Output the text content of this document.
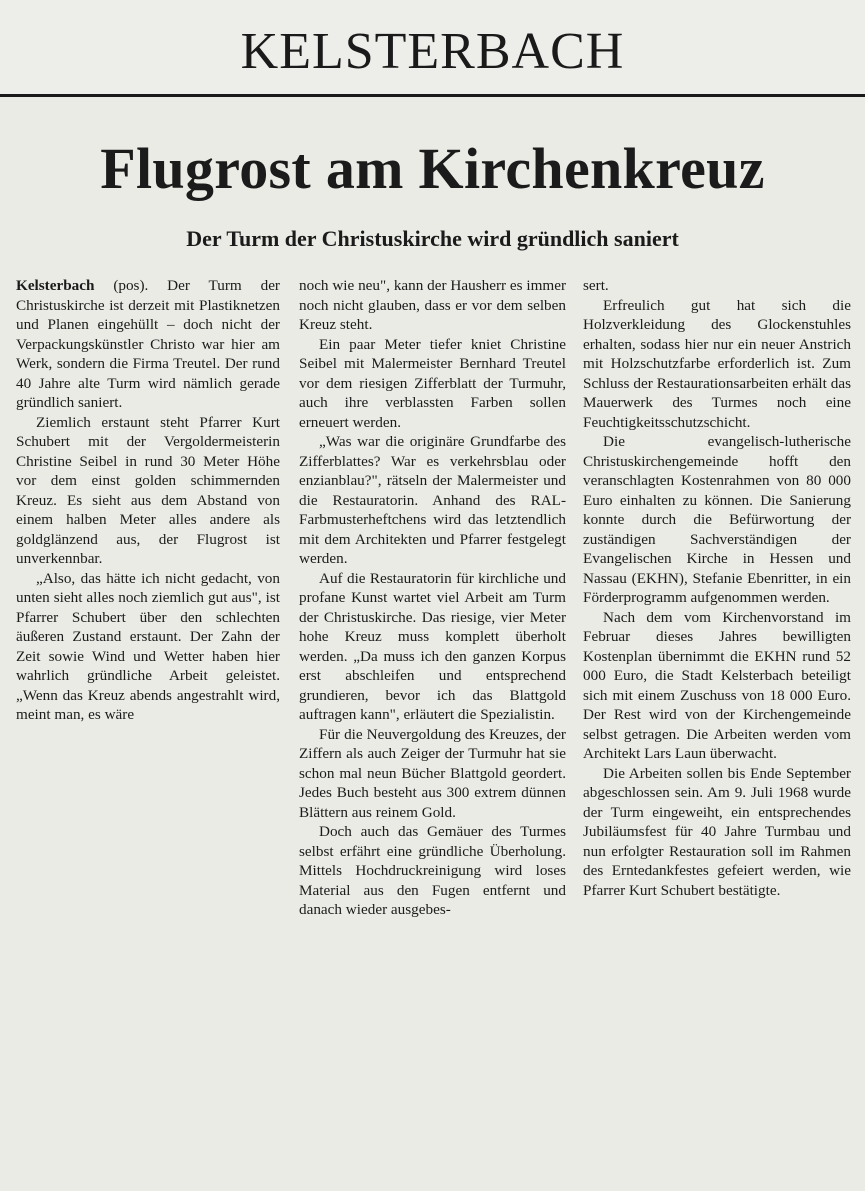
KELSTERBACH
Flugrost am Kirchenkreuz
Der Turm der Christuskirche wird gründlich saniert

Kelsterbach (pos). Der Turm der Christuskirche ist derzeit mit Plastiknetzen und Planen eingehüllt – doch nicht der Verpackungskünstler Christo war hier am Werk, sondern die Firma Treutel. Der rund 40 Jahre alte Turm wird nämlich gerade gründlich saniert.

Ziemlich erstaunt steht Pfarrer Kurt Schubert mit der Vergoldermeisterin Christine Seibel in rund 30 Meter Höhe vor dem einst golden schimmernden Kreuz. Es sieht aus dem Abstand von einem halben Meter alles andere als goldglänzend aus, der Flugrost ist unverkennbar.

„Also, das hätte ich nicht gedacht, von unten sieht alles noch ziemlich gut aus", ist Pfarrer Schubert über den schlechten äußeren Zustand erstaunt. Der Zahn der Zeit sowie Wind und Wetter haben hier wahrlich gründliche Arbeit geleistet. „Wenn das Kreuz abends angestrahlt wird, meint man, es wäre

noch wie neu", kann der Hausherr es immer noch nicht glauben, dass er vor dem selben Kreuz steht.

Ein paar Meter tiefer kniet Christine Seibel mit Malermeister Bernhard Treutel vor dem riesigen Zifferblatt der Turmuhr, auch ihre verblassten Farben sollen erneuert werden.

„Was war die originäre Grundfarbe des Zifferblattes? War es verkehrsblau oder enzianblau?", rätseln der Malermeister und die Restauratorin. Anhand des RAL-Farbmusterheftchens wird das letztendlich mit dem Architekten und Pfarrer festgelegt werden.

Auf die Restauratorin für kirchliche und profane Kunst wartet viel Arbeit am Turm der Christuskirche. Das riesige, vier Meter hohe Kreuz muss komplett überholt werden. „Da muss ich den ganzen Korpus erst abschleifen und entsprechend grundieren, bevor ich das Blattgold auftragen kann", erläutert die Spezialistin.

Für die Neuvergoldung des Kreuzes, der Ziffern als auch Zeiger der Turmuhr hat sie schon mal neun Bücher Blattgold geordert. Jedes Buch besteht aus 300 extrem dünnen Blättern aus reinem Gold.

Doch auch das Gemäuer des Turmes selbst erfährt eine gründliche Überholung. Mittels Hochdruckreinigung wird loses Material aus den Fugen entfernt und danach wieder ausgebes-

sert.

Erfreulich gut hat sich die Holzverkleidung des Glockenstuhles erhalten, sodass hier nur ein neuer Anstrich mit Holzschutzfarbe erforderlich ist. Zum Schluss der Restaurationsarbeiten erhält das Mauerwerk des Turmes noch eine Feuchtigkeitsschutzschicht.

Die evangelisch-lutherische Christuskirchengemeinde hofft den veranschlagten Kostenrahmen von 80 000 Euro einhalten zu können. Die Sanierung konnte durch die Befürwortung der zuständigen Sachverständigen der Evangelischen Kirche in Hessen und Nassau (EKHN), Stefanie Ebenritter, in ein Förderprogramm aufgenommen werden.

Nach dem vom Kirchenvorstand im Februar dieses Jahres bewilligten Kostenplan übernimmt die EKHN rund 52 000 Euro, die Stadt Kelsterbach beteiligt sich mit einem Zuschuss von 18 000 Euro. Der Rest wird von der Kirchengemeinde selbst getragen. Die Arbeiten werden vom Architekt Lars Laun überwacht.

Die Arbeiten sollen bis Ende September abgeschlossen sein. Am 9. Juli 1968 wurde der Turm eingeweiht, ein entsprechendes Jubiläumsfest für 40 Jahre Turmbau und nun erfolgter Restauration soll im Rahmen des Erntedankfestes gefeiert werden, wie Pfarrer Kurt Schubert bestätigte.
